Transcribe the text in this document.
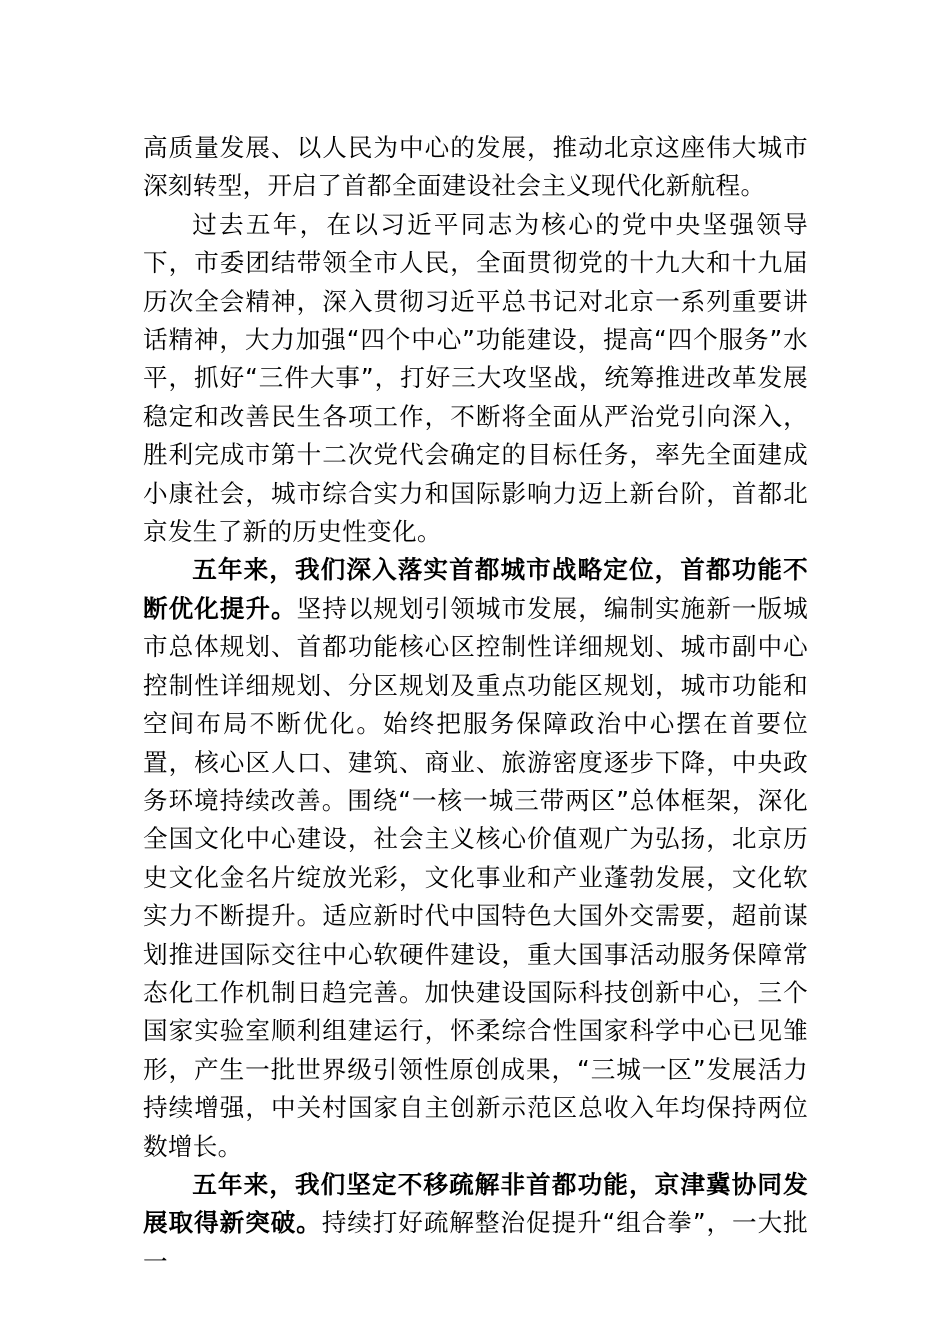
高质量发展、以人民为中心的发展，推动北京这座伟大城市深刻转型，开启了首都全面建设社会主义现代化新航程。

过去五年，在以习近平同志为核心的党中央坚强领导下，市委团结带领全市人民，全面贯彻党的十九大和十九届历次全会精神，深入贯彻习近平总书记对北京一系列重要讲话精神，大力加强“四个中心”功能建设，提高“四个服务”水平，抓好“三件大事”，打好三大攻坚战，统筹推进改革发展稳定和改善民生各项工作，不断将全面从严治党引向深入，胜利完成市第十二次党代会确定的目标任务，率先全面建成小康社会，城市综合实力和国际影响力迈上新台阶，首都北京发生了新的历史性变化。

五年来，我们深入落实首都城市战略定位，首都功能不断优化提升。坚持以规划引领城市发展，编制实施新一版城市总体规划、首都功能核心区控制性详细规划、城市副中心控制性详细规划、分区规划及重点功能区规划，城市功能和空间布局不断优化。始终把服务保障政治中心摆在首要位置，核心区人口、建筑、商业、旅游密度逐步下降，中央政务环境持续改善。围绕“一核一城三带两区”总体框架，深化全国文化中心建设，社会主义核心价值观广为弘扬，北京历史文化金名片绽放光彩，文化事业和产业蓬勃发展，文化软实力不断提升。适应新时代中国特色大国外交需要，超前谋划推进国际交往中心软硬件建设，重大国事活动服务保障常态化工作机制日趋完善。加快建设国际科技创新中心，三个国家实验室顺利组建运行，怀柔综合性国家科学中心已见雏形，产生一批世界级引领性原创成果，“三城一区”发展活力持续增强，中关村国家自主创新示范区总收入年均保持两位数增长。

五年来，我们坚定不移疏解非首都功能，京津冀协同发展取得新突破。持续打好疏解整治促提升“组合拳”，一大批一
